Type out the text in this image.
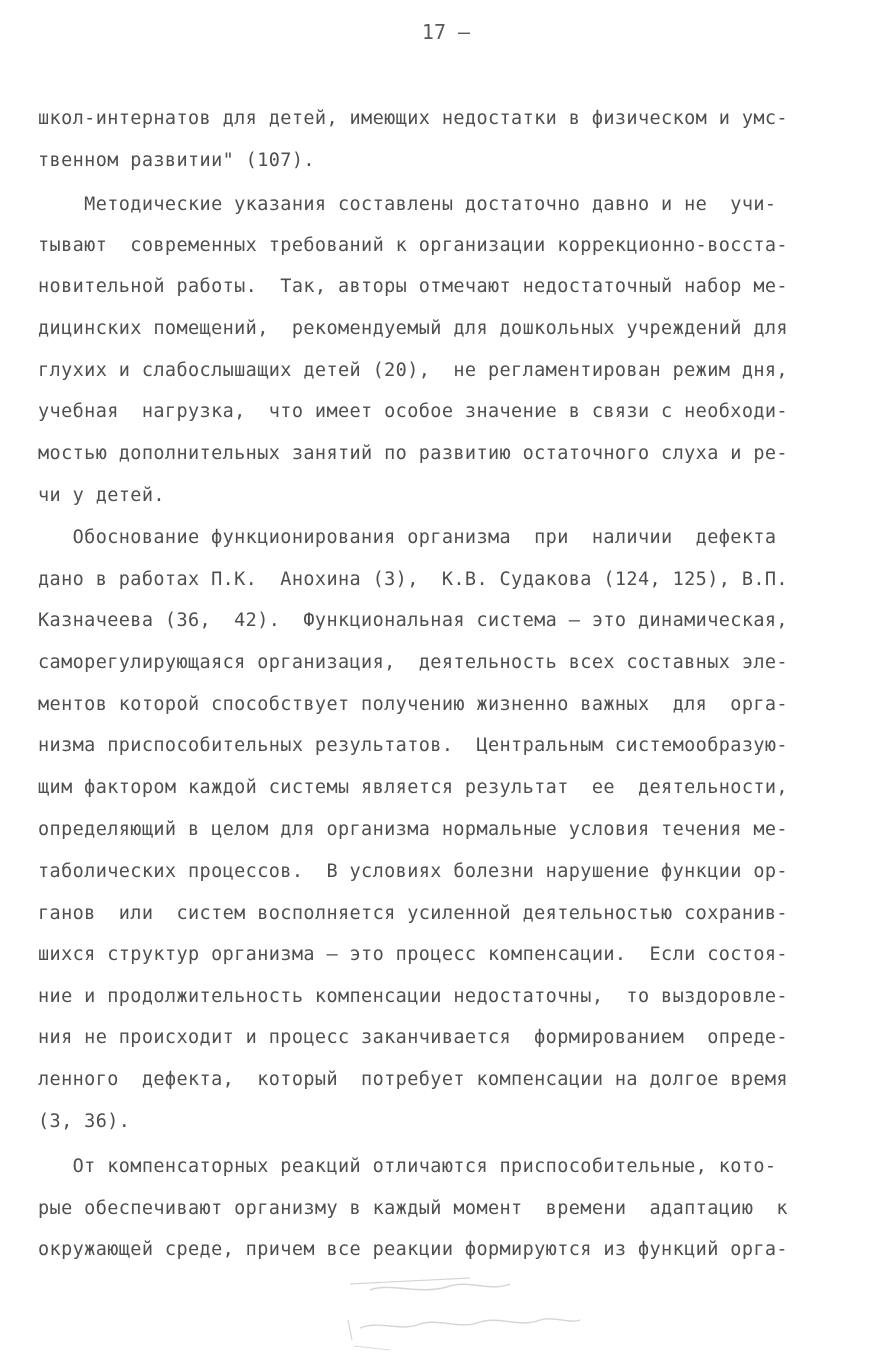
17 –
школ-интернатов для детей, имеющих недостатки в физическом и умс-
твенном развитии" (107).
Методические указания составлены достаточно давно и не  учи-
тывают  современных требований к организации коррекционно-восста-
новительной работы.  Так, авторы отмечают недостаточный набор ме-
дицинских помещений,  рекомендуемый для дошкольных учреждений для
глухих и слабослышащих детей (20),  не регламентирован режим дня,
учебная  нагрузка,  что имеет особое значение в связи с необходи-
мостью дополнительных занятий по развитию остаточного слуха и ре-
чи у детей.
Обоснование функционирования организма  при  наличии  дефекта
дано в работах П.К.  Анохина (3),  К.В. Судакова (124, 125), В.П.
Казначеева (36,  42).  Функциональная система – это динамическая,
саморегулирующаяся организация,  деятельность всех составных эле-
ментов которой способствует получению жизненно важных  для  орга-
низма приспособительных результатов.  Центральным системообразую-
щим фактором каждой системы является результат  ее  деятельности,
определяющий в целом для организма нормальные условия течения ме-
таболических процессов.  В условиях болезни нарушение функции ор-
ганов  или  систем восполняется усиленной деятельностью сохранив-
шихся структур организма – это процесс компенсации.  Если состоя-
ние и продолжительность компенсации недостаточны,  то выздоровле-
ния не происходит и процесс заканчивается  формированием  опреде-
ленного  дефекта,  который  потребует компенсации на долгое время
(3, 36).
От компенсаторных реакций отличаются приспособительные, кото-
рые обеспечивают организму в каждый момент  времени  адаптацию  к
окружающей среде, причем все реакции формируются из функций орга-
